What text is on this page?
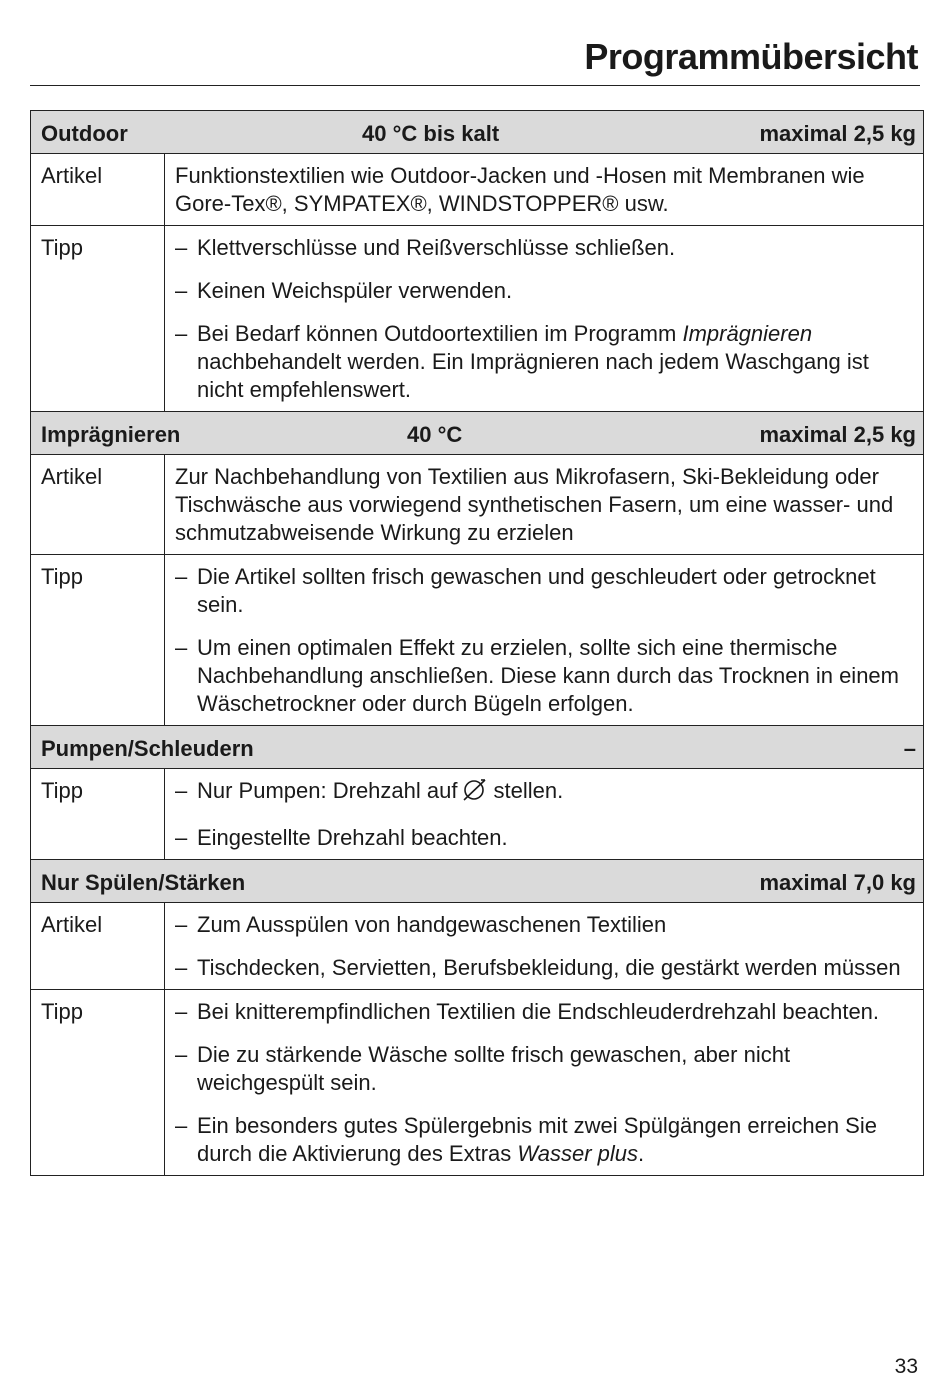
Programmübersicht
Outdoor	40 °C bis kalt	maximal 2,5 kg
Artikel	Funktionstextilien wie Outdoor-Jacken und -Hosen mit Membranen wie Gore-Tex®, SYMPATEX®, WINDSTOPPER® usw.

Tipp	– Klettverschlüsse und Reißverschlüsse schließen.
– Keinen Weichspüler verwenden.
– Bei Bedarf können Outdoortextilien im Programm Imprägnieren nachbehandelt werden. Ein Imprägnieren nach jedem Waschgang ist nicht empfehlenswert.
Imprägnieren	40 °C	maximal 2,5 kg
Artikel	Zur Nachbehandlung von Textilien aus Mikrofasern, Ski-Bekleidung oder Tischwäsche aus vorwiegend synthetischen Fasern, um eine wasser- und schmutzabweisende Wirkung zu erzielen

Tipp	– Die Artikel sollten frisch gewaschen und geschleudert oder getrocknet sein.
– Um einen optimalen Effekt zu erzielen, sollte sich eine thermische Nachbehandlung anschließen. Diese kann durch das Trocknen in einem Wäschetrockner oder durch Bügeln erfolgen.
Pumpen/Schleudern	–
Tipp	– Nur Pumpen: Drehzahl auf stellen.
– Eingestellte Drehzahl beachten.
Nur Spülen/Stärken	maximal 7,0 kg
Artikel	– Zum Ausspülen von handgewaschenen Textilien
– Tischdecken, Servietten, Berufsbekleidung, die gestärkt werden müssen
Tipp	– Bei knitterempfindlichen Textilien die Endschleuderdrehzahl beachten.
– Die zu stärkende Wäsche sollte frisch gewaschen, aber nicht weichgespült sein.
– Ein besonders gutes Spülergebnis mit zwei Spülgängen erreichen Sie durch die Aktivierung des Extras Wasser plus.
33
